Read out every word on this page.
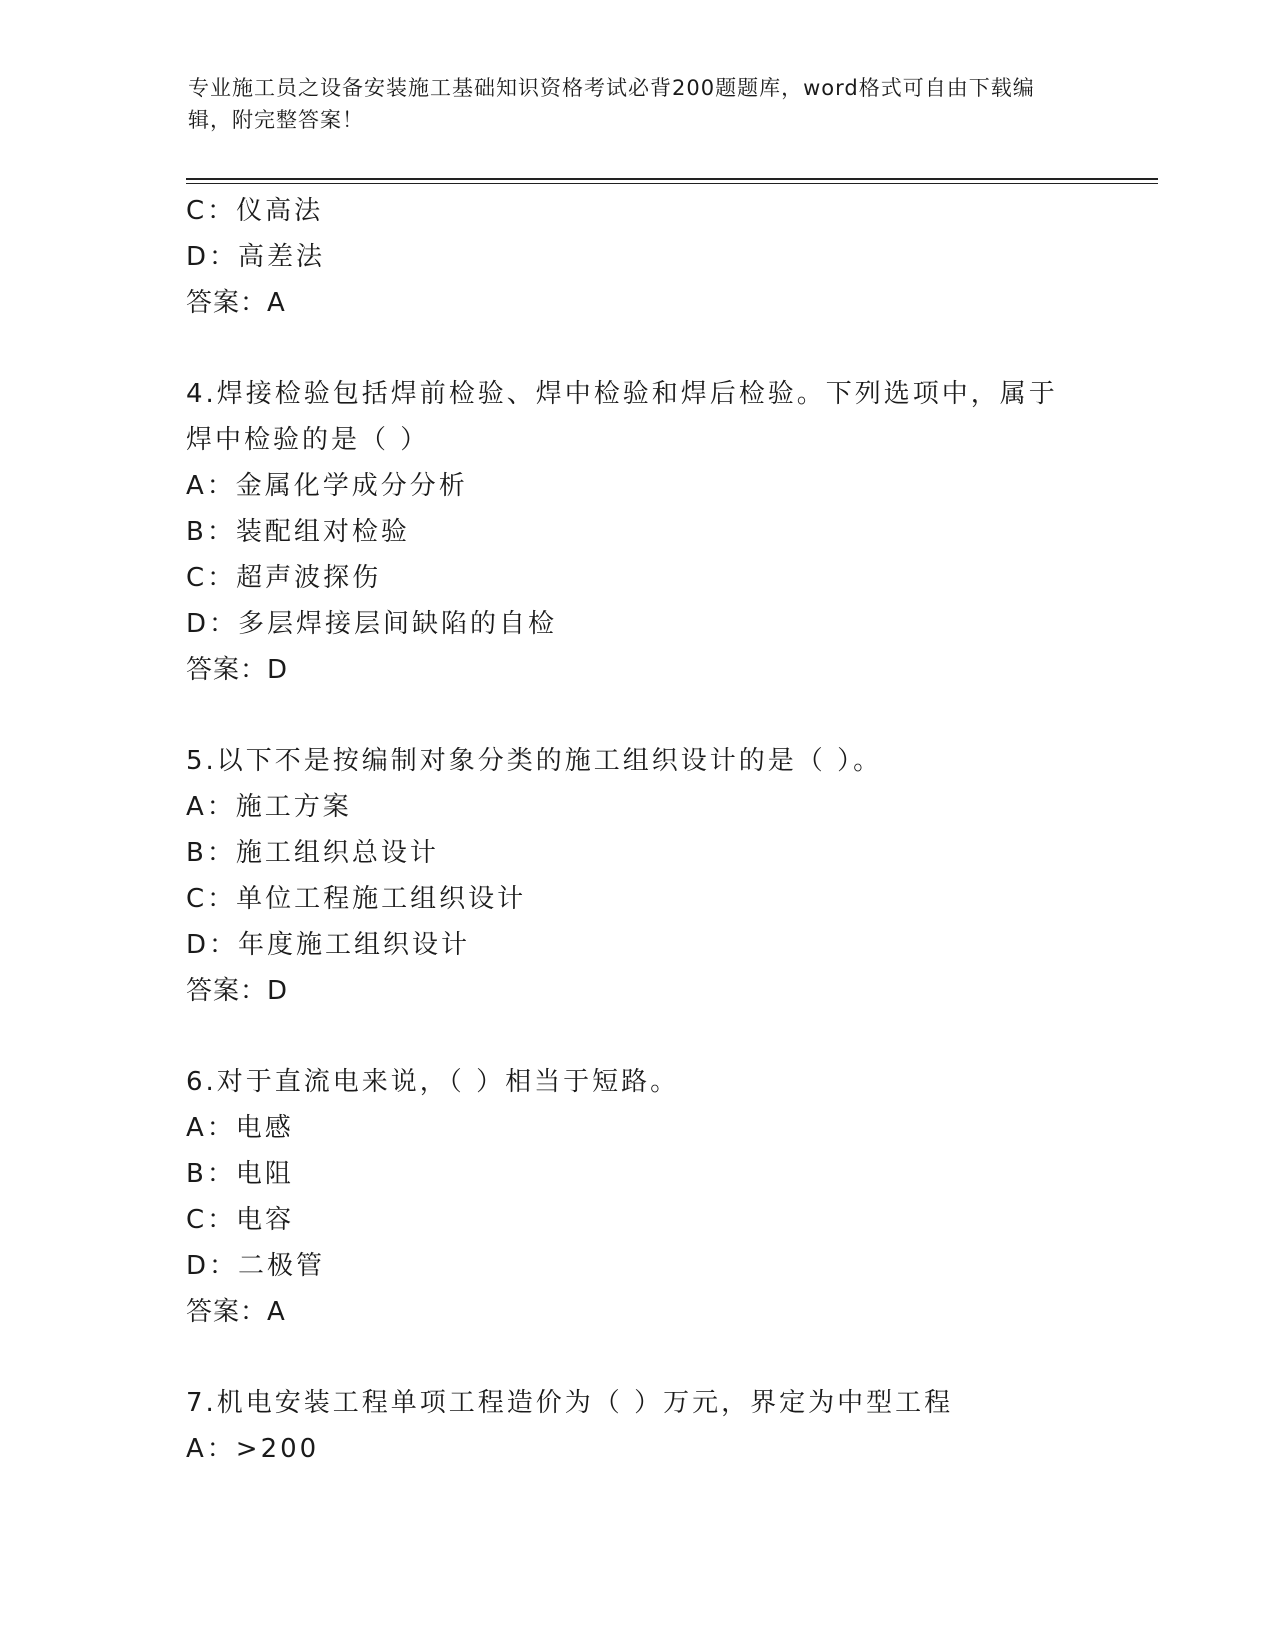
专业施工员之设备安装施工基础知识资格考试必背200题题库，word格式可自由下载编辑，附完整答案！

C：仪高法
D：高差法
答案：A
4.焊接检验包括焊前检验、焊中检验和焊后检验。下列选项中，属于
焊中检验的是（ ）
A：金属化学成分分析
B：装配组对检验
C：超声波探伤
D：多层焊接层间缺陷的自检
答案：D
5.以下不是按编制对象分类的施工组织设计的是（ ）。
A：施工方案
B：施工组织总设计
C：单位工程施工组织设计
D：年度施工组织设计
答案：D
6.对于直流电来说，（ ）相当于短路。
A：电感
B：电阻
C：电容
D：二极管
答案：A
7.机电安装工程单项工程造价为（ ）万元，界定为中型工程
A：>200
